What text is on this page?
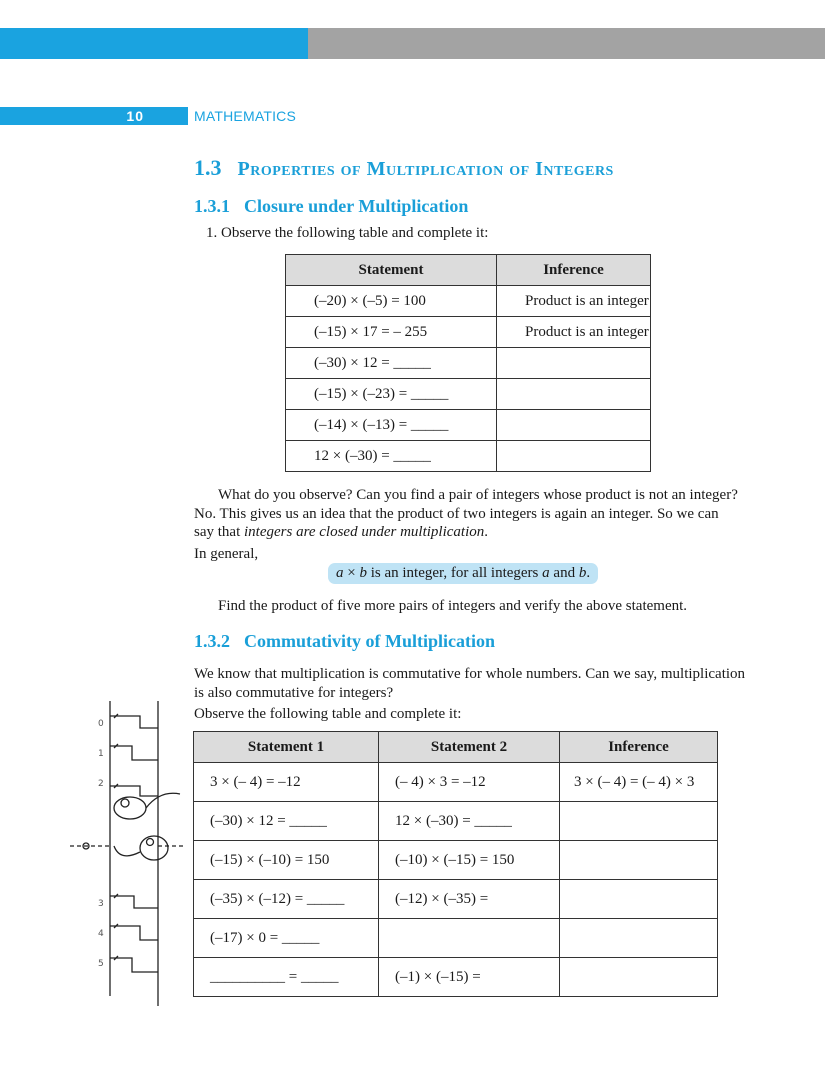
10	MATHEMATICS
1.3 Properties of Multiplication of Integers
1.3.1 Closure under Multiplication
1. Observe the following table and complete it:
Statement	Inference
(–20) × (–5) = 100	Product is an integer
(–15) × 17 = – 255	Product is an integer
(–30) × 12 = _____	
(–15) × (–23) = _____	
(–14) × (–13) = _____	
12 × (–30) = _____	
What do you observe? Can you find a pair of integers whose product is not an integer?
No. This gives us an idea that the product of two integers is again an integer. So we can
say that integers are closed under multiplication.
In general,
a × b is an integer, for all integers a and b.
Find the product of five more pairs of integers and verify the above statement.
1.3.2 Commutativity of Multiplication
We know that multiplication is commutative for whole numbers. Can we say, multiplication
is also commutative for integers?
Observe the following table and complete it:
0
1
2
3
4
5
Statement 1	Statement 2	Inference
3 × (– 4) = –12	(– 4) × 3 = –12	3 × (– 4) = (– 4) × 3
(–30) × 12 = _____	12 × (–30) = _____	
(–15) × (–10) = 150	(–10) × (–15) = 150	
(–35) × (–12) = _____	(–12) × (–35) =	
(–17) × 0 = _____		
__________ = _____	(–1) × (–15) =	
